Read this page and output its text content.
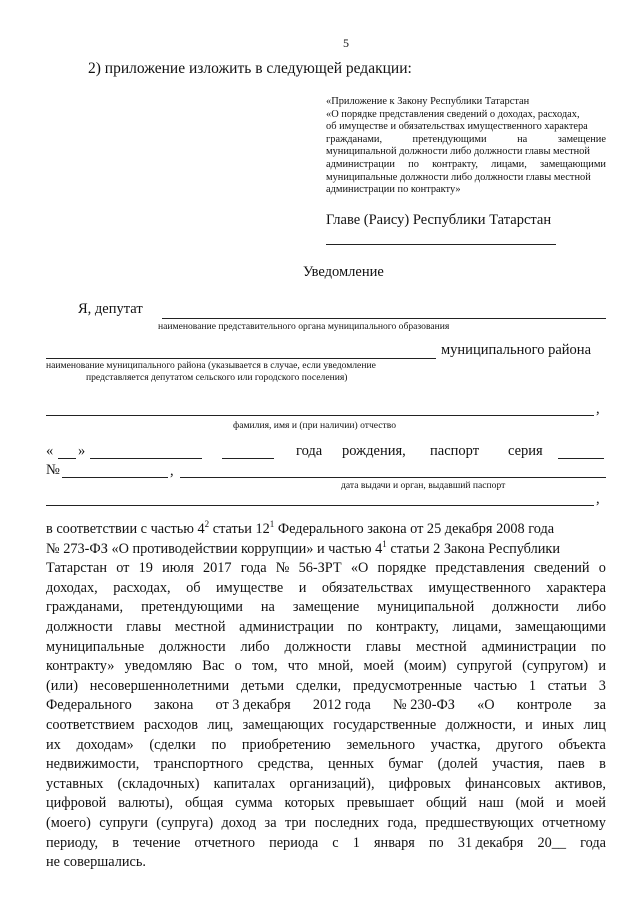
5
2) приложение изложить в следующей редакции:
«Приложение к Закону Республики Татарстан
«О порядке представления сведений о доходах, расходах,
об имуществе и обязательствах имущественного характера
гражданами,	претендующими	на	замещение
муниципальной должности либо должности главы местной
администрации по контракту, лицами, замещающими
муниципальные должности либо должности главы местной
администрации по контракту»
Главе (Раису) Республики Татарстан
Уведомление
Я, депутат
наименование представительного органа муниципального образования
муниципального района
наименование муниципального района (указывается в случае, если уведомление
представляется депутатом сельского или городского поселения)
,
фамилия, имя и (при наличии) отчество
« »	года рождения, паспорт серия
№	,
дата выдачи и орган, выдавший паспорт
,
в соответствии с частью $4^2$ статьи $12^1$ Федерального закона от 25 декабря 2008 года
№ 273-ФЗ «О противодействии коррупции» и частью $4^1$ статьи 2 Закона Республики
Татарстан от 19 июля 2017 года № 56-ЗРТ «О порядке представления сведений о
доходах, расходах, об имуществе и обязательствах имущественного характера
гражданами, претендующими на замещение муниципальной должности либо
должности главы местной администрации по контракту, лицами, замещающими
муниципальные должности либо должности главы местной администрации по
контракту» уведомляю Вас о том, что мной, моей (моим) супругой (супругом) и
(или) несовершеннолетними детьми сделки, предусмотренные частью 1 статьи 3
Федерального закона от 3 декабря 2012 года № 230-ФЗ «О контроле за
соответствием расходов лиц, замещающих государственные должности, и иных лиц
их доходам» (сделки по приобретению земельного участка, другого объекта
недвижимости, транспортного средства, ценных бумаг (долей участия, паев в
уставных (складочных) капиталах организаций), цифровых финансовых активов,
цифровой валюты), общая сумма которых превышает общий наш (мой и моей
(моего) супруги (супруга) доход за три последних года, предшествующих отчетному
периоду, в течение отчетного периода с 1 января по 31 декабря 20__ года
не совершались.
